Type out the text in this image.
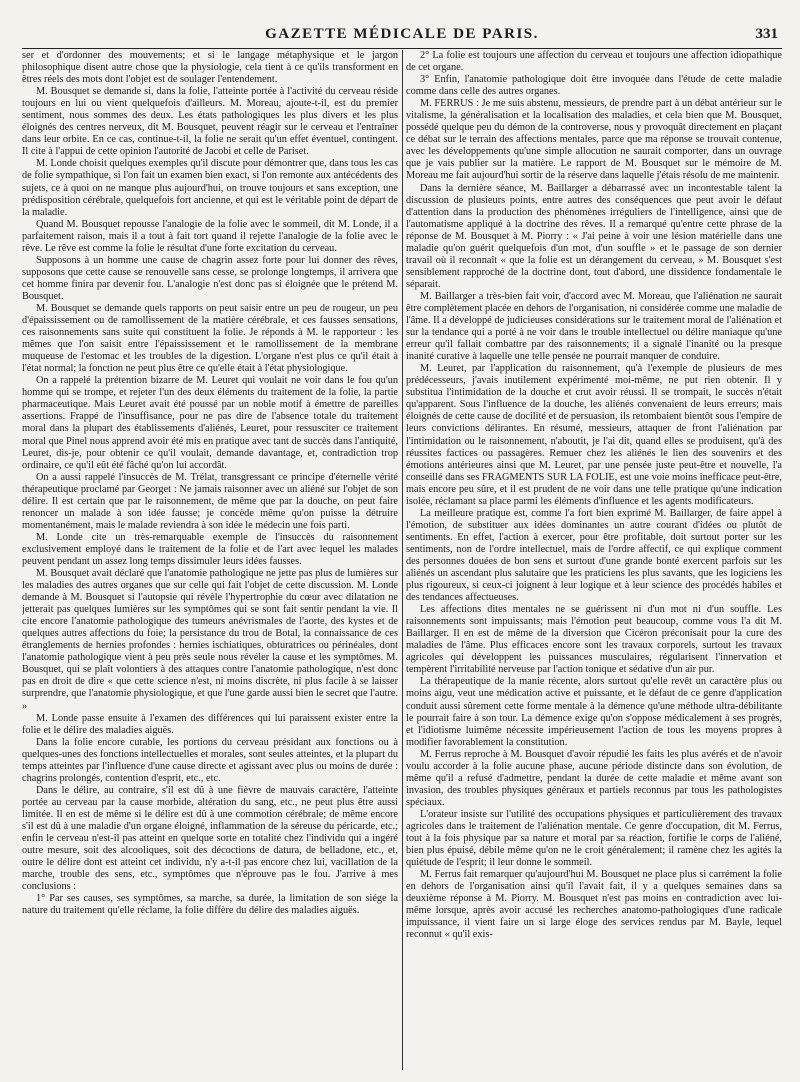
GAZETTE MÉDICALE DE PARIS.	331

ser et d'ordonner des mouvements; et si le langage métaphysique et le jargon philosophique disent autre chose que la physiologie, cela tient à ce qu'ils transforment en êtres réels des mots dont l'objet est de soulager l'entendement.

M. Bousquet se demande si, dans la folie, l'atteinte portée à l'activité du cerveau réside toujours en lui ou vient quelquefois d'ailleurs. M. Moreau, ajoute-t-il, est du premier sentiment, nous sommes des deux. Les états pathologiques les plus divers et les plus éloignés des centres nerveux, dit M. Bousquet, peuvent réagir sur le cerveau et l'entraîner dans leur orbite. En ce cas, continue-t-il, la folie ne serait qu'un effet éventuel, contingent. Il cite à l'appui de cette opinion l'autorité de Jacobi et celle de Pariset.

M. Londe choisit quelques exemples qu'il discute pour démontrer que, dans tous les cas de folie sympathique, si l'on fait un examen bien exact, si l'on remonte aux antécédents des sujets, ce à quoi on ne manque plus aujourd'hui, on trouve toujours et sans exception, une prédisposition cérébrale, quelquefois fort ancienne, et qui est le véritable point de départ de la maladie.

Quand M. Bousquet repousse l'analogie de la folie avec le sommeil, dit M. Londe, il a parfaitement raison, mais il a tout à fait tort quand il rejette l'analogie de la folie avec le rêve. Le rêve est comme la folie le résultat d'une forte excitation du cerveau.

Supposons à un homme une cause de chagrin assez forte pour lui donner des rêves, supposons que cette cause se renouvelle sans cesse, se prolonge longtemps, il arrivera que cet homme finira par devenir fou. L'analogie n'est donc pas si éloignée que le prétend M. Bousquet.

M. Bousquet se demande quels rapports on peut saisir entre un peu de rougeur, un peu d'épaississement ou de ramollissement de la matière cérébrale, et ces fausses sensations, ces raisonnements sans suite qui constituent la folie. Je réponds à M. le rapporteur : les mêmes que l'on saisit entre l'épaississement et le ramollissement de la membrane muqueuse de l'estomac et les troubles de la digestion. L'organe n'est plus ce qu'il était à l'état normal; la fonction ne peut plus être ce qu'elle était à l'état physiologique.

On a rappelé la prétention bizarre de M. Leuret qui voulait ne voir dans le fou qu'un homme qui se trompe, et rejeter l'un des deux éléments du traitement de la folie, la partie pharmaceutique. Mais Leuret avait été poussé par un noble motif à émettre de pareilles assertions. Frappé de l'insuffisance, pour ne pas dire de l'absence totale du traitement moral dans la plupart des établissements d'aliénés, Leuret, pour ressusciter ce traitement moral que Pinel nous apprend avoir été mis en pratique avec tant de succès dans l'antiquité, Leuret, dis-je, pour obtenir ce qu'il voulait, demande davantage, et, contradiction trop ordinaire, ce qu'il eût été fâché qu'on lui accordât.

On a aussi rappelé l'insuccès de M. Trélat, transgressant ce principe d'éternelle vérité thérapeutique proclamé par Georget : Ne jamais raisonner avec un aliéné sur l'objet de son délire. Il est certain que par le raisonnement, de même que par la douche, on peut faire renoncer un malade à son idée fausse; je concède même qu'on puisse la détruire momentanément, mais le malade reviendra à son idée le médecin une fois parti.

M. Londe cite un très-remarquable exemple de l'insuccès du raisonnement exclusivement employé dans le traitement de la folie et de l'art avec lequel les malades peuvent pendant un assez long temps dissimuler leurs idées fausses.

M. Bousquet avait déclaré que l'anatomie pathologique ne jette pas plus de lumières sur les maladies des autres organes que sur celle qui fait l'objet de cette discussion. M. Londe demande à M. Bousquet si l'autopsie qui révèle l'hypertrophie du cœur avec dilatation ne jetterait pas quelques lumières sur les symptômes qui se sont fait sentir pendant la vie. Il cite encore l'anatomie pathologique des tumeurs anévrismales de l'aorte, des kystes et de quelques autres affections du foie; la persistance du trou de Botal, la connaissance de ces étranglements de hernies profondes : hernies ischiatiques, obturatrices ou périnéales, dont l'anatomie pathologique vient à peu près seule nous révéler la cause et les symptômes. M. Bousquet, qui se plaît volontiers à des attaques contre l'anatomie pathologique, n'est donc pas en droit de dire « que cette science n'est, ni moins discrète, ni plus facile à se laisser surprendre, que l'anatomie physiologique, et que l'une garde aussi bien le secret que l'autre. »

M. Londe passe ensuite à l'examen des différences qui lui paraissent exister entre la folie et le délire des maladies aiguës.

Dans la folie encore curable, les portions du cerveau présidant aux fonctions ou à quelques-unes des fonctions intellectuelles et morales, sont seules atteintes, et la plupart du temps atteintes par l'influence d'une cause directe et agissant avec plus ou moins de durée : chagrins prolongés, contention d'esprit, etc., etc.

Dans le délire, au contraire, s'il est dû à une fièvre de mauvais caractère, l'atteinte portée au cerveau par la cause morbide, altération du sang, etc., ne peut plus être aussi limitée. Il en est de même si le délire est dû à une commotion cérébrale; de même encore s'il est dû à une maladie d'un organe éloigné, inflammation de la séreuse du péricarde, etc.; enfin le cerveau n'est-il pas atteint en quelque sorte en totalité chez l'individu qui a ingéré outre mesure, soit des alcooliques, soit des décoctions de datura, de belladone, etc., et, outre le délire dont est atteint cet individu, n'y a-t-il pas encore chez lui, vacillation de la marche, trouble des sens, etc., symptômes que n'éprouve pas le fou. J'arrive à mes conclusions :

1° Par ses causes, ses symptômes, sa marche, sa durée, la limitation de son siége la nature du traitement qu'elle réclame, la folie diffère du délire des maladies aiguës.

2° La folie est toujours une affection du cerveau et toujours une affection idiopathique de cet organe.

3° Enfin, l'anatomie pathologique doit être invoquée dans l'étude de cette maladie comme dans celle des autres organes.

M. FERRUS : Je me suis abstenu, messieurs, de prendre part à un débat antérieur sur le vitalisme, la généralisation et la localisation des maladies, et cela bien que M. Bousquet, possédé quelque peu du démon de la controverse, nous y provoquât directement en plaçant ce débat sur le terrain des affections mentales, parce que ma réponse se trouvait contenue, avec les développements qu'une simple allocution ne saurait comporter, dans un ouvrage que je vais publier sur la matière. Le rapport de M. Bousquet sur le mémoire de M. Moreau me fait aujourd'hui sortir de la réserve dans laquelle j'étais résolu de me maintenir.

Dans la dernière séance, M. Baillarger a débarrassé avec un incontestable talent la discussion de plusieurs points, entre autres des conséquences que peut avoir le défaut d'attention dans la production des phénomènes irréguliers de l'intelligence, ainsi que de l'automatisme appliqué à la doctrine des rêves. Il a remarqué qu'entre cette phrase de la réponse de M. Bousquet à M. Piorry : « J'ai peine à voir une lésion matérielle dans une maladie qu'on guérit quelquefois d'un mot, d'un souffle » et le passage de son dernier travail où il reconnaît « que la folie est un dérangement du cerveau, » M. Bousquet s'est sensiblement rapproché de la doctrine dont, tout d'abord, une dissidence fondamentale le séparait.

M. Baillarger a très-bien fait voir, d'accord avec M. Moreau, que l'aliénation ne saurait être complètement placée en dehors de l'organisation, ni considérée comme une maladie de l'âme. Il a développé de judicieuses considérations sur le traitement moral de l'aliénation et sur la tendance qui a porté à ne voir dans le trouble intellectuel ou délire maniaque qu'une erreur qu'il fallait combattre par des raisonnements; il a signalé l'inanité ou la presque inanité curative à laquelle une telle pensée ne pourrait manquer de conduire.

M. Leuret, par l'application du raisonnement, qu'à l'exemple de plusieurs de mes prédécesseurs, j'avais inutilement expérimenté moi-même, ne put rien obtenir. Il y substitua l'intimidation de la douche et crut avoir réussi. Il se trompait, le succès n'était qu'apparent. Sous l'influence de la douche, les aliénés convenaient de leurs erreurs; mais éloignés de cette cause de docilité et de persuasion, ils retombaient bientôt sous l'empire de leurs convictions délirantes. En résumé, messieurs, attaquer de front l'aliénation par l'intimidation ou le raisonnement, n'aboutit, je l'ai dit, quand elles se produisent, qu'à des réussites factices ou passagères. Remuer chez les aliénés le lien des souvenirs et des émotions antérieures ainsi que M. Leuret, par une pensée juste peut-être et nouvelle, l'a conseillé dans ses FRAGMENTS SUR LA FOLIE, est une voie moins inefficace peut-être, mais encore peu sûre, et il est prudent de ne voir dans une telle pratique qu'une indication isolée, réclamant sa place parmi les éléments d'influence et les agents modificateurs.

La meilleure pratique est, comme l'a fort bien exprimé M. Baillarger, de faire appel à l'émotion, de substituer aux idées dominantes un autre courant d'idées ou plutôt de sentiments. En effet, l'action à exercer, pour être profitable, doit surtout porter sur les sentiments, non de l'ordre intellectuel, mais de l'ordre affectif, ce qui explique comment des personnes douées de bon sens et surtout d'une grande bonté exercent parfois sur les aliénés un ascendant plus salutaire que les praticiens les plus savants, que les logiciens les plus rigoureux, si ceux-ci joignent à leur logique et à leur science des procédés habiles et des tendances affectueuses.

Les affections dites mentales ne se guérissent ni d'un mot ni d'un souffle. Les raisonnements sont impuissants; mais l'émotion peut beaucoup, comme vous l'a dit M. Baillarger. Il en est de même de la diversion que Cicéron préconisait pour la cure des maladies de l'âme. Plus efficaces encore sont les travaux corporels, surtout les travaux agricoles qui développent les puissances musculaires, régularisent l'innervation et tempèrent l'irritabilité nerveuse par l'action tonique et sédative d'un air pur.

La thérapeutique de la manie récente, alors surtout qu'elle revêt un caractère plus ou moins aigu, veut une médication active et puissante, et le défaut de ce genre d'application conduit aussi sûrement cette forme mentale à la démence qu'une méthode ultra-débilitante le pourrait faire à son tour. La démence exige qu'on s'oppose médicalement à ses progrès, et l'idiotisme luimême nécessite impérieusement l'action de tous les moyens propres à modifier favorablement la constitution.

M. Ferrus reproche à M. Bousquet d'avoir répudié les faits les plus avérés et de n'avoir voulu accorder à la folie aucune phase, aucune période distincte dans son évolution, de même qu'il a refusé d'admettre, pendant la durée de cette maladie et même avant son invasion, des troubles physiques généraux et partiels reconnus par tous les pathologistes spéciaux.

L'orateur insiste sur l'utilité des occupations physiques et particulièrement des travaux agricoles dans le traitement de l'aliénation mentale. Ce genre d'occupation, dit M. Ferrus, tout à la fois physique par sa nature et moral par sa réaction, fortifie le corps de l'aliéné, bien plus épuisé, débile même qu'on ne le croit généralement; il ramène chez les agités la quiétude de l'esprit; il leur donne le sommeil.

M. Ferrus fait remarquer qu'aujourd'hui M. Bousquet ne place plus si carrément la folie en dehors de l'organisation ainsi qu'il l'avait fait, il y a quelques semaines dans sa deuxième réponse à M. Piorry. M. Bousquet n'est pas moins en contradiction avec lui-même lorsque, après avoir accusé les recherches anatomo-pathologiques d'une radicale impuissance, il vient faire un si large éloge des services rendus par M. Bayle, lequel reconnut « qu'il exis-
